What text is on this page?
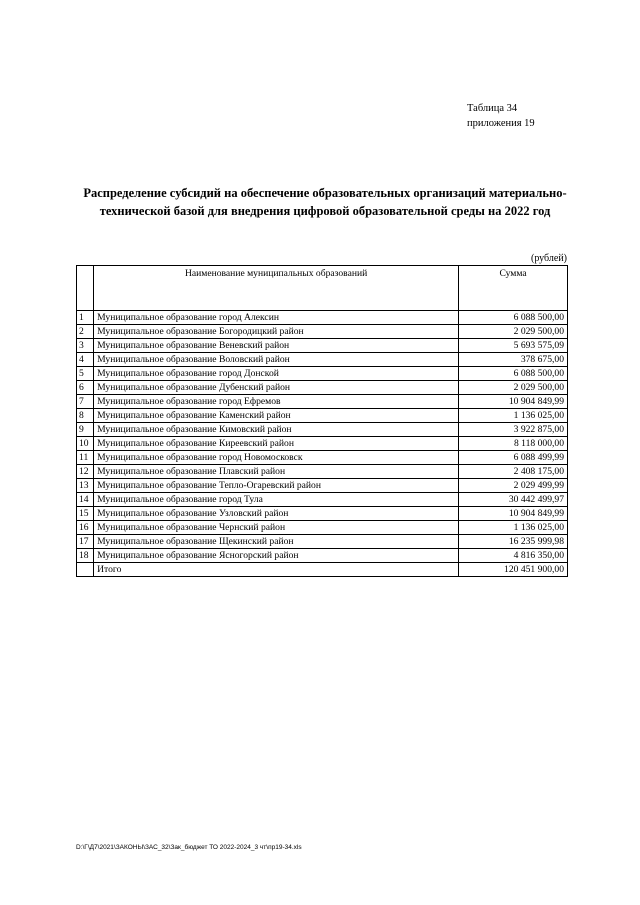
Таблица 34
приложения 19
Распределение субсидий на обеспечение образовательных организаций материально-
технической базой для внедрения цифровой образовательной среды на 2022 год
(рублей)
	Наименование муниципальных образований	Сумма
1	Муниципальное образование город Алексин	6 088 500,00
2	Муниципальное образование Богородицкий район	2 029 500,00
3	Муниципальное образование Веневский район	5 693 575,09
4	Муниципальное образование Воловский район	378 675,00
5	Муниципальное образование город Донской	6 088 500,00
6	Муниципальное образование Дубенский район	2 029 500,00
7	Муниципальное образование город Ефремов	10 904 849,99
8	Муниципальное образование Каменский район	1 136 025,00
9	Муниципальное образование Кимовский район	3 922 875,00
10	Муниципальное образование Киреевский район	8 118 000,00
11	Муниципальное образование город Новомосковск	6 088 499,99
12	Муниципальное образование Плавский район	2 408 175,00
13	Муниципальное образование Тепло-Огаревский район	2 029 499,99
14	Муниципальное образование город Тула	30 442 499,97
15	Муниципальное образование Узловский район	10 904 849,99
16	Муниципальное образование Чернский район	1 136 025,00
17	Муниципальное образование Щекинский район	16 235 999,98
18	Муниципальное образование Ясногорский район	4 816 350,00
	Итого	120 451 900,00
D:\Г\Д7\2021\ЗАКОНЫ\ЗАС_32\Зак_бюджет ТО 2022-2024_3 чт\пр19-34.xls
